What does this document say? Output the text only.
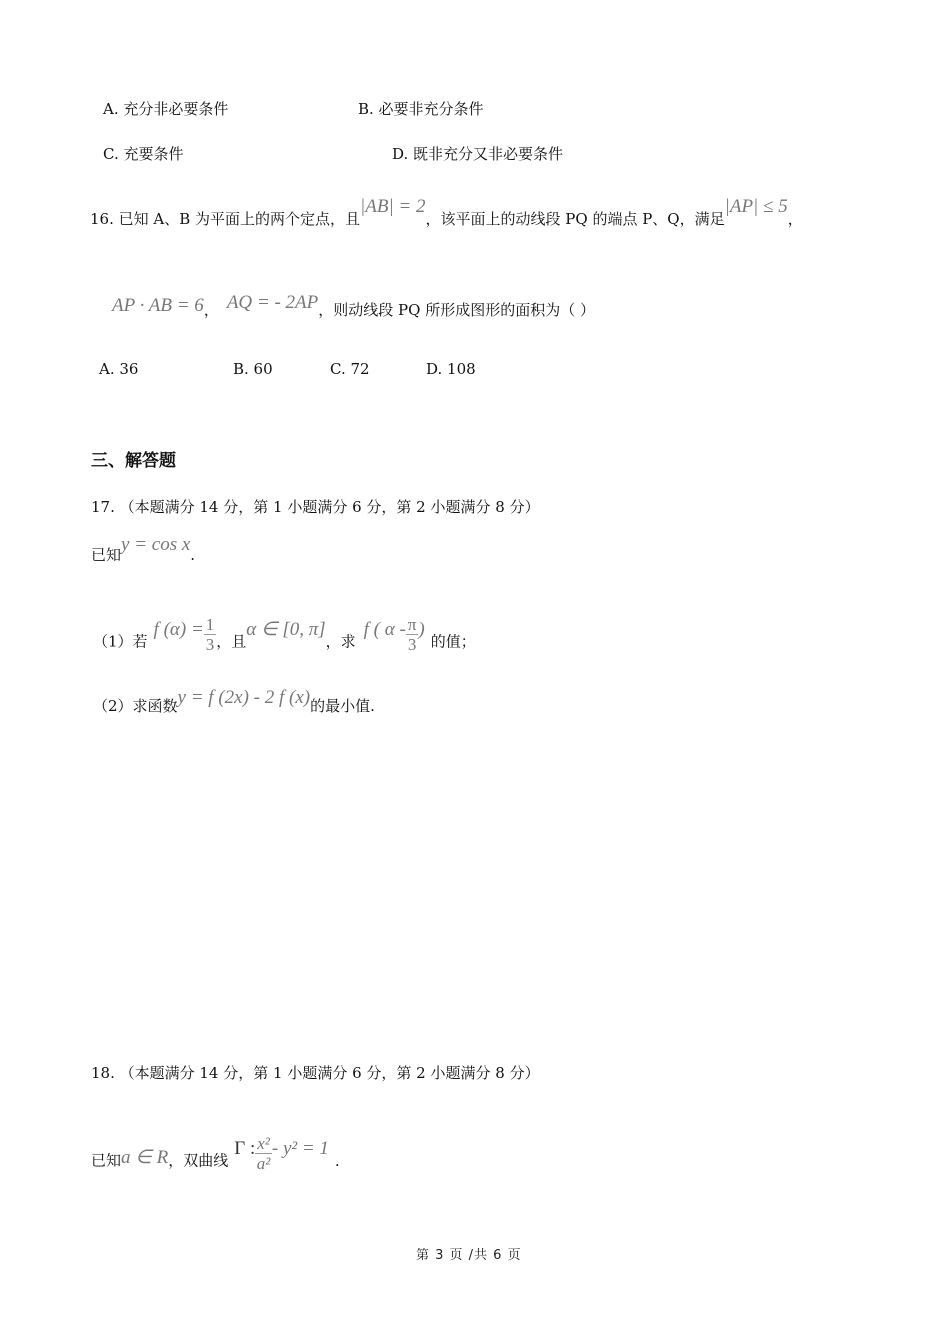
A. 充分非必要条件	B. 必要非充分条件
C. 充要条件	D. 既非充分又非必要条件
16. 已知 A、B 为平面上的两个定点，且|AB| = 2，该平面上的动线段 PQ 的端点 P、Q，满足|AP| ≤ 5，
AP · AB = 6， AQ = - 2AP，则动线段 PQ 所形成图形的面积为（ ）
A. 36	B. 60	C. 72	D. 108
三、解答题
17. （本题满分 14 分，第 1 小题满分 6 分，第 2 小题满分 8 分）
已知y = cos x.
（1）若f $(\alpha) = \frac{1}{3}$ ，且α ∈ [0, π]，求f ( α - $\frac{\pi}{3}$ )的值；
（2）求函数y = f (2x) - 2 f (x)的最小值.
18. （本题满分 14 分，第 1 小题满分 6 分，第 2 小题满分 8 分）
已知a ∈ R，双曲线Γ : $\frac{\text{x²}}{\text{a²}} - y^2 = 1$.
第 3 页 /共 6 页
